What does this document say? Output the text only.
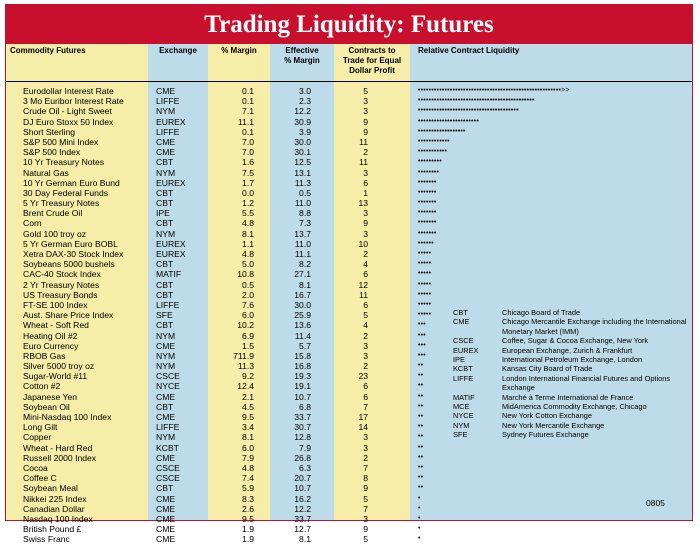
Trading Liquidity: Futures
Commodity Futures	Exchange	% Margin	Effective
% Margin
Contracts to
Trade for Equal
Dollar Profit
Relative Contract Liquidity
Eurodollar Interest Rate	CME	0.1	3.0	5	••••••••••••••••••••••••••••••••••••••••••••••••••••••>>
3 Mo Euribor Interest Rate	LIFFE	0.1	2.3	3	••••••••••••••••••••••••••••••••••••••••••••
Crude Oil - Light Sweet	NYM	7.1	12.2	3	••••••••••••••••••••••••••••••••••••••
DJ Euro Stoxx 50 Index	EUREX	11.1	30.9	9	•••••••••••••••••••••••
Short Sterling	LIFFE	0.1	3.9	9	••••••••••••••••••
S&P 500 Mini Index	CME	7.0	30.0	11	••••••••••••
S&P 500 Index	CME	7.0	30.1	2	•••••••••••
10 Yr Treasury Notes	CBT	1.6	12.5	11	•••••••••
Natural Gas	NYM	7.5	13.1	3	••••••••
10 Yr German Euro Bund	EUREX	1.7	11.3	6	•••••••
30 Day Federal Funds	CBT	0.0	0.5	1	•••••••
5 Yr Treasury Notes	CBT	1.2	11.0	13	•••••••
Brent Crude Oil	IPE	5.5	8.8	3	•••••••
Corn	CBT	4.8	7.3	9	•••••••
Gold 100 troy oz	NYM	8.1	13.7	3	•••••••
5 Yr German Euro BOBL	EUREX	1.1	11.0	10	••••••
Xetra DAX-30 Stock Index	EUREX	4.8	11.1	2	•••••
Soybeans 5000 bushels	CBT	5.0	8.2	4	•••••
CAC-40 Stock Index	MATIF	10.8	27.1	6	•••••
2 Yr Treasury Notes	CBT	0.5	8.1	12	•••••
US Treasury Bonds	CBT	2.0	16.7	11	•••••
FT-SE 100 Index	LIFFE	7.6	30.0	6	•••••
Aust. Share Price Index	SFE	6.0	25.9	5	•••••
Wheat - Soft Red	CBT	10.2	13.6	4	•••
Heating Oil #2	NYM	6.9	11.4	2	•••
Euro Currency	CME	1.5	5.7	3	•••
RBOB Gas	NYM	711.9	15.8	3	•••
Silver 5000 troy oz	NYM	11.3	16.8	2	••
Sugar-World #11	CSCE	9.2	19.3	23	••
Cotton #2	NYCE	12.4	19.1	6	••
Japanese Yen	CME	2.1	10.7	6	••
Soybean Oil	CBT	4.5	6.8	7	••
Mini-Nasdaq 100 Index	CME	9.5	33.7	17	••
Long Gilt	LIFFE	3.4	30.7	14	••
Copper	NYM	8.1	12.8	3	••
Wheat - Hard Red	KCBT	6.0	7.9	3	••
Russell 2000 Index	CME	7.9	26.8	2	••
Cocoa	CSCE	4.8	6.3	7	••
Coffee C	CSCE	7.4	20.7	8	••
Soybean Meal	CBT	5.9	10.7	9	••
Nikkei 225 Index	CME	8.3	16.2	5	•
Canadian Dollar	CME	2.6	12.2	7	•
Nasdaq 100 Index	CME	9.5	33.7	3	•
British Pound £	CME	1.9	12.7	9	•
Swiss Franc	CME	1.9	8.1	5	•
CBT	Chicago Board of Trade
CME	Chicago Mercantile Exchange including the International Monetary Market (IMM)
CSCE	Coffee, Sugar & Cocoa Exchange, New York
EUREX	European Exchange, Zurich & Frankfurt
IPE	International Petroleum Exchange, London
KCBT	Kansas City Board of Trade
LIFFE	London International Financial Futures and Options Exchange
MATIF	Marché à Terme International de France
MCE	MidAmerica Commodity Exchange, Chicago
NYCE	New York Cotton Exchange
NYM	New York Mercantile Exchange
SFE	Sydney Futures Exchange
0805
